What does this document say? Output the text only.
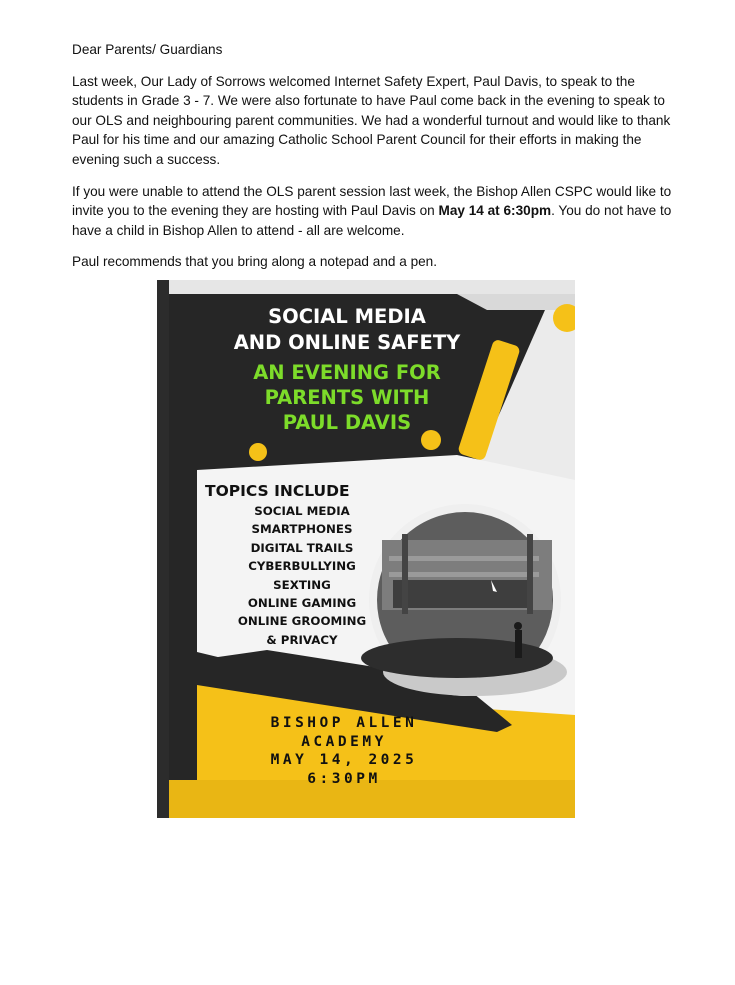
Dear Parents/ Guardians

Last week, Our Lady of Sorrows welcomed Internet Safety Expert, Paul Davis, to speak to the students in Grade 3 - 7. We were also fortunate to have Paul come back in the evening to speak to our OLS and neighbouring parent communities. We had a wonderful turnout and would like to thank Paul for his time and our amazing Catholic School Parent Council for their efforts in making the evening such a success.

If you were unable to attend the OLS parent session last week, the Bishop Allen CSPC would like to invite you to the evening they are hosting with Paul Davis on May 14 at 6:30pm. You do not have to have a child in Bishop Allen to attend - all are welcome.

Paul recommends that you bring along a notepad and a pen.

SOCIAL MEDIA
AND ONLINE SAFETY
AN EVENING FOR
PARENTS WITH
PAUL DAVIS
TOPICS INCLUDE
SOCIAL MEDIA
SMARTPHONES
DIGITAL TRAILS
CYBERBULLYING
SEXTING
ONLINE GAMING
ONLINE GROOMING
& PRIVACY
BISHOP ALLEN
ACADEMY
MAY 14, 2025
6:30PM
